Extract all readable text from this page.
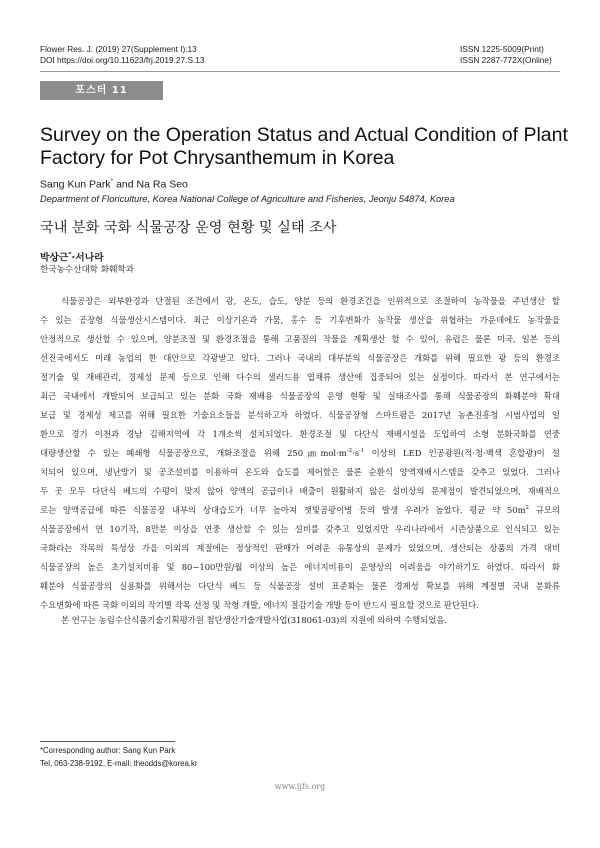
Flower Res. J. (2019) 27(Supplement I):13
DOI https://doi.org/10.11623/frj.2019.27.S.13
ISSN 1225-5009(Print)
ISSN 2287-772X(Online)
포스터 11
Survey on the Operation Status and Actual Condition of Plant
Factory for Pot Chrysanthemum in Korea
Sang Kun Park* and Na Ra Seo
Department of Floriculture, Korea National College of Agriculture and Fisheries, Jeonju 54874, Korea
국내 분화 국화 식물공장 운영 현황 및 실태 조사
박상근*·서나라
한국농수산대학 화훼학과
식물공장은 외부환경과 단절된 조건에서 광, 온도, 습도, 양분 등의 환경조건을 인위적으로 조절하여 농작물을 주년생산 할
수 있는 공장형 식물생산시스템이다. 최근 이상기온과 가뭄, 홍수 등 기후변화가 농작물 생산을 위협하는 가운데에도 농작물을
안정적으로 생산할 수 있으며, 양분조절 및 환경조절을 통해 고품질의 작물을 계획생산 할 수 있어, 유럽은 물론 미국, 일본 등의
선진국에서도 미래 농업의 한 대안으로 각광받고 있다. 그러나 국내의 대부분의 식물공장은 개화를 위해 필요한 광 등의 환경조
절기술 및 재배관리, 경제성 문제 등으로 인해 다수의 샐러드용 엽채류 생산에 집중되어 있는 실정이다. 따라서 본 연구에서는
최근 국내에서 개발되어 보급되고 있는 분화 국화 재배용 식물공장의 운영 현황 및 실태조사를 통해 식물공장의 화훼분야 확대
보급 및 경제성 제고를 위해 필요한 기술요소들을 분석하고자 하였다. 식물공장형 스마트팜은 2017년 농촌진흥청 시범사업의 일
환으로 경기 이천과 경남 김해지역에 각 1개소씩 설치되었다. 환경조절 및 다단식 재배시설을 도입하여 소형 분화국화를 연중
대량생산할 수 있는 폐쇄형 식물공장으로, 개화조절을 위해 $250㎛mol\cdot m^{-2}\cdot s^{-1}$ 이상의 LED 인공광원(적·청·백색 혼합광)이 설
치되어 있으며, 냉난방기 및 공조설비를 이용하여 온도와 습도를 제어함은 물론 순환식 양액재배시스템을 갖추고 있었다. 그러나
두 곳 모두 다단식 베드의 수평이 맞지 않아 양액의 공급이나 배출이 원활하지 않은 설비상의 문제점이 발견되었으며, 재배적으
로는 양액공급에 따른 식물공장 내부의 상대습도가 너무 높아져 잿빛곰팡이병 등의 발생 우려가 높았다. 평균 약 $50m^2$ 규모의
식물공장에서 연 10기작, 8만분 이상을 연중 생산할 수 있는 설비를 갖추고 있었지만 우리나라에서 시즌상품으로 인식되고 있는
국화라는 작목의 특성상 가을 이외의 계절에는 정상적인 판매가 어려운 유통상의 문제가 있었으며, 생산되는 상품의 가격 대비
식물공장의 높은 초기설치비용 및 80~100만원/월 이상의 높은 에너지비용이 운영상의 어려움을 야기하기도 하였다. 따라서 화
훼분야 식물공장의 실용화를 위해서는 다단식 베드 등 식물공장 설비 표준화는 물론 경제성 확보를 위해 계절별 국내 분화류
수요변화에 따른 국화 이외의 작기별 작목 선정 및 작형 개발, 에너지 절감기술 개발 등이 반드시 필요할 것으로 판단된다.
본 연구는 농림수산식품기술기획평가원 첨단생산기술개발사업(318061-03)의 지원에 의하여 수행되었음.
*Corresponding author: Sang Kun Park
Tel, 063-238-9192, E-mail: theodds@korea.kr
www.ijfs.org
